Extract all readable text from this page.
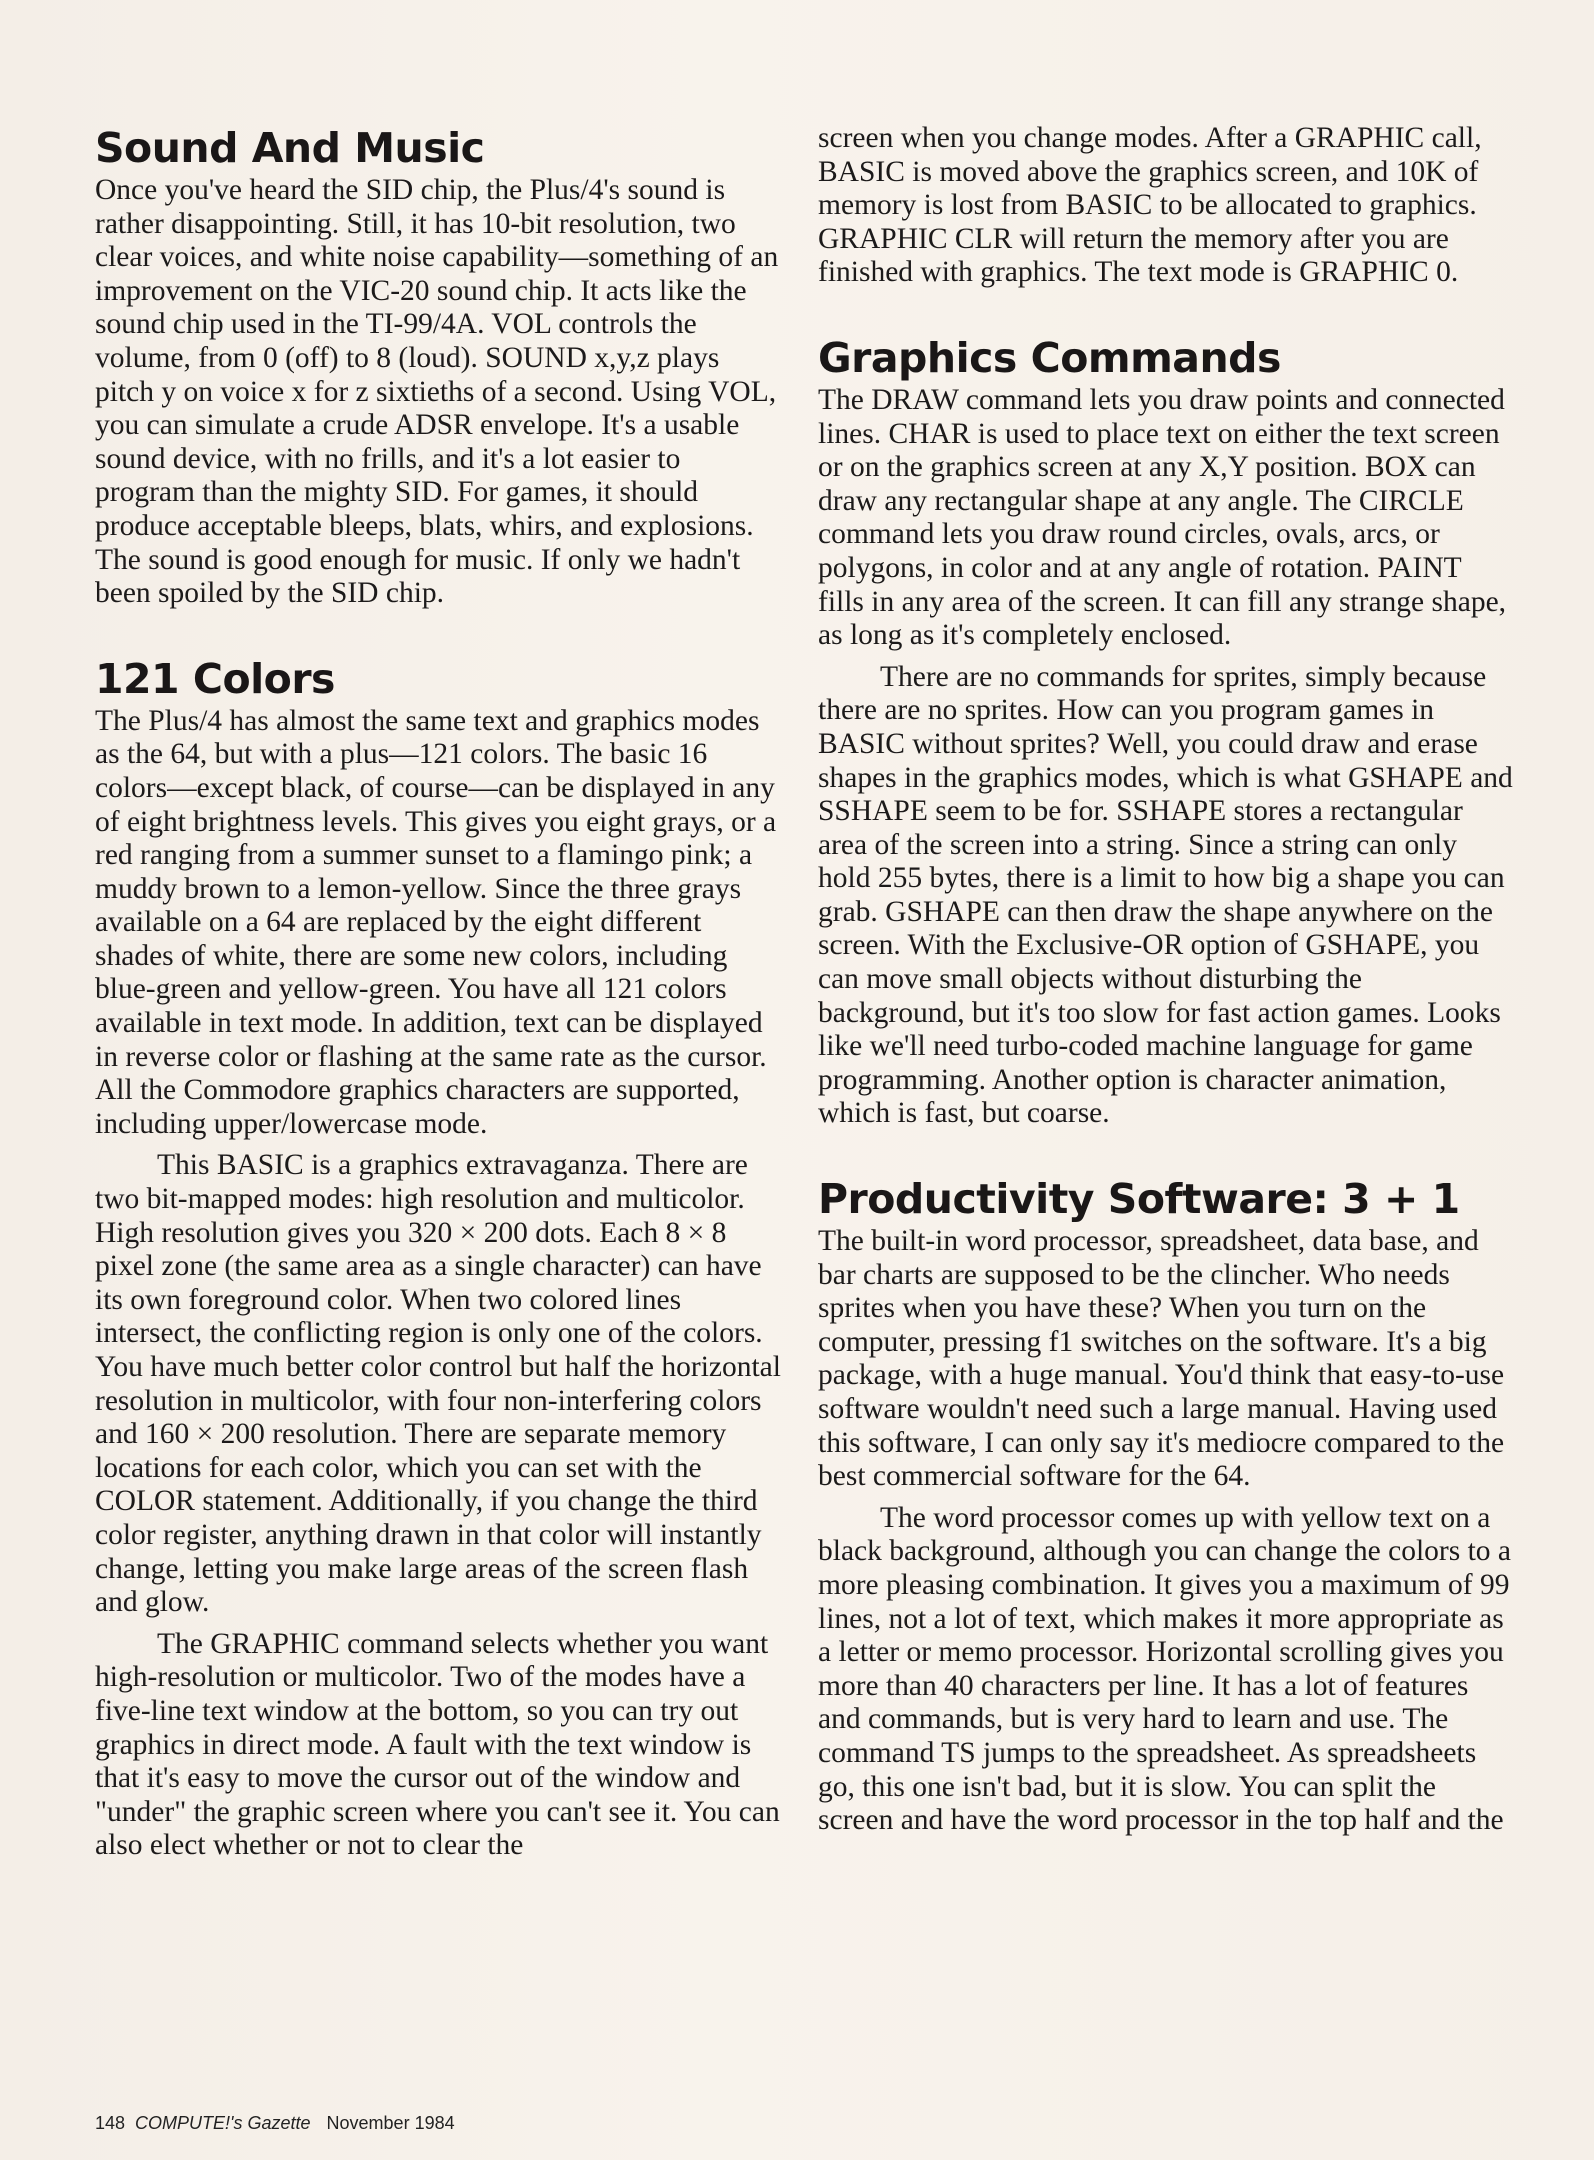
Sound And Music

Once you've heard the SID chip, the Plus/4's sound is rather disappointing. Still, it has 10-bit resolution, two clear voices, and white noise capability—something of an improvement on the VIC-20 sound chip. It acts like the sound chip used in the TI-99/4A. VOL controls the volume, from 0 (off) to 8 (loud). SOUND x,y,z plays pitch y on voice x for z sixtieths of a second. Using VOL, you can simulate a crude ADSR envelope. It's a usable sound device, with no frills, and it's a lot easier to program than the mighty SID. For games, it should produce acceptable bleeps, blats, whirs, and explosions. The sound is good enough for music. If only we hadn't been spoiled by the SID chip.

121 Colors

The Plus/4 has almost the same text and graphics modes as the 64, but with a plus—121 colors. The basic 16 colors—except black, of course—can be displayed in any of eight brightness levels. This gives you eight grays, or a red ranging from a summer sunset to a flamingo pink; a muddy brown to a lemon-yellow. Since the three grays available on a 64 are replaced by the eight different shades of white, there are some new colors, including blue-green and yellow-green. You have all 121 colors available in text mode. In addition, text can be displayed in reverse color or flashing at the same rate as the cursor. All the Commodore graphics characters are supported, including upper/lowercase mode.

This BASIC is a graphics extravaganza. There are two bit-mapped modes: high resolution and multicolor. High resolution gives you 320 × 200 dots. Each 8 × 8 pixel zone (the same area as a single character) can have its own foreground color. When two colored lines intersect, the conflicting region is only one of the colors. You have much better color control but half the horizontal resolution in multicolor, with four non-interfering colors and 160 × 200 resolution. There are separate memory locations for each color, which you can set with the COLOR statement. Additionally, if you change the third color register, anything drawn in that color will instantly change, letting you make large areas of the screen flash and glow.

The GRAPHIC command selects whether you want high-resolution or multicolor. Two of the modes have a five-line text window at the bottom, so you can try out graphics in direct mode. A fault with the text window is that it's easy to move the cursor out of the window and "under" the graphic screen where you can't see it. You can also elect whether or not to clear the

screen when you change modes. After a GRAPHIC call, BASIC is moved above the graphics screen, and 10K of memory is lost from BASIC to be allocated to graphics. GRAPHIC CLR will return the memory after you are finished with graphics. The text mode is GRAPHIC 0.

Graphics Commands

The DRAW command lets you draw points and connected lines. CHAR is used to place text on either the text screen or on the graphics screen at any X,Y position. BOX can draw any rectangular shape at any angle. The CIRCLE command lets you draw round circles, ovals, arcs, or polygons, in color and at any angle of rotation. PAINT fills in any area of the screen. It can fill any strange shape, as long as it's completely enclosed.

There are no commands for sprites, simply because there are no sprites. How can you program games in BASIC without sprites? Well, you could draw and erase shapes in the graphics modes, which is what GSHAPE and SSHAPE seem to be for. SSHAPE stores a rectangular area of the screen into a string. Since a string can only hold 255 bytes, there is a limit to how big a shape you can grab. GSHAPE can then draw the shape anywhere on the screen. With the Exclusive-OR option of GSHAPE, you can move small objects without disturbing the background, but it's too slow for fast action games. Looks like we'll need turbo-coded machine language for game programming. Another option is character animation, which is fast, but coarse.

Productivity Software: 3 + 1

The built-in word processor, spreadsheet, data base, and bar charts are supposed to be the clincher. Who needs sprites when you have these? When you turn on the computer, pressing f1 switches on the software. It's a big package, with a huge manual. You'd think that easy-to-use software wouldn't need such a large manual. Having used this software, I can only say it's mediocre compared to the best commercial software for the 64.

The word processor comes up with yellow text on a black background, although you can change the colors to a more pleasing combination. It gives you a maximum of 99 lines, not a lot of text, which makes it more appropriate as a letter or memo processor. Horizontal scrolling gives you more than 40 characters per line. It has a lot of features and commands, but is very hard to learn and use. The command TS jumps to the spreadsheet. As spreadsheets go, this one isn't bad, but it is slow. You can split the screen and have the word processor in the top half and the

148 COMPUTE!'s Gazette November 1984
